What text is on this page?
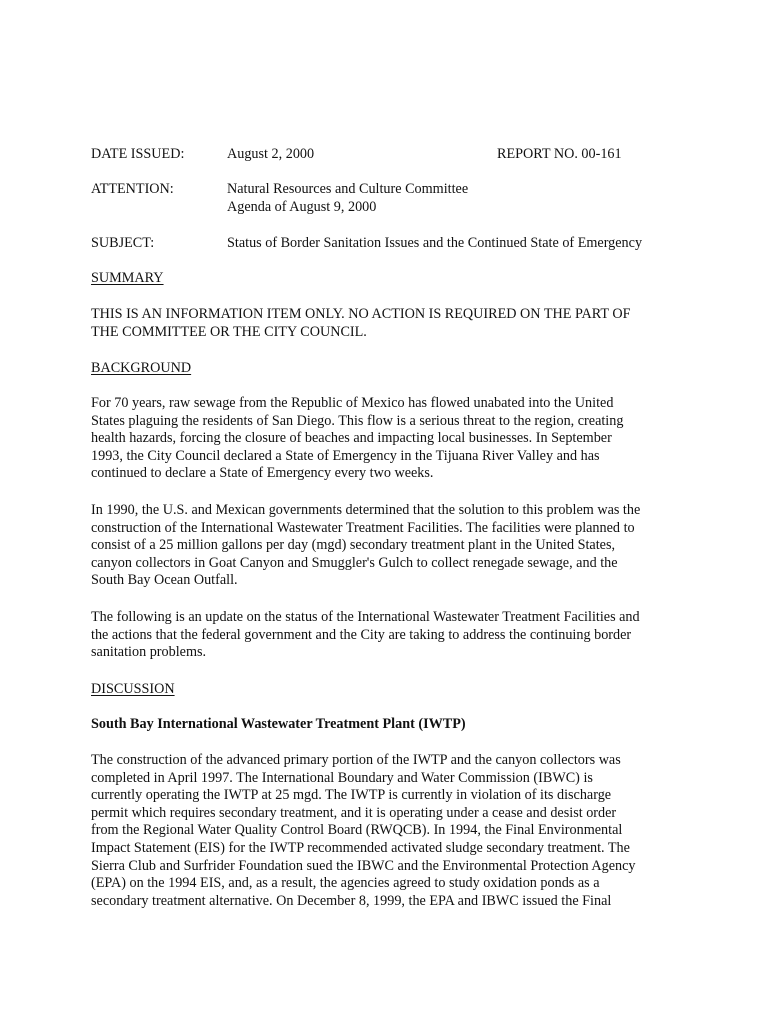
DATE ISSUED:	August 2, 2000	REPORT NO. 00-161
ATTENTION:	Natural Resources and Culture Committee
Agenda of August 9, 2000
SUBJECT:	Status of Border Sanitation Issues and the Continued State of Emergency
SUMMARY
THIS IS AN INFORMATION ITEM ONLY. NO ACTION IS REQUIRED ON THE PART OF
THE COMMITTEE OR THE CITY COUNCIL.
BACKGROUND
For 70 years, raw sewage from the Republic of Mexico has flowed unabated into the United
States plaguing the residents of San Diego. This flow is a serious threat to the region, creating
health hazards, forcing the closure of beaches and impacting local businesses. In September
1993, the City Council declared a State of Emergency in the Tijuana River Valley and has
continued to declare a State of Emergency every two weeks.
In 1990, the U.S. and Mexican governments determined that the solution to this problem was the
construction of the International Wastewater Treatment Facilities. The facilities were planned to
consist of a 25 million gallons per day (mgd) secondary treatment plant in the United States,
canyon collectors in Goat Canyon and Smuggler's Gulch to collect renegade sewage, and the
South Bay Ocean Outfall.
The following is an update on the status of the International Wastewater Treatment Facilities and
the actions that the federal government and the City are taking to address the continuing border
sanitation problems.
DISCUSSION
South Bay International Wastewater Treatment Plant (IWTP)
The construction of the advanced primary portion of the IWTP and the canyon collectors was
completed in April 1997. The International Boundary and Water Commission (IBWC) is
currently operating the IWTP at 25 mgd. The IWTP is currently in violation of its discharge
permit which requires secondary treatment, and it is operating under a cease and desist order
from the Regional Water Quality Control Board (RWQCB). In 1994, the Final Environmental
Impact Statement (EIS) for the IWTP recommended activated sludge secondary treatment. The
Sierra Club and Surfrider Foundation sued the IBWC and the Environmental Protection Agency
(EPA) on the 1994 EIS, and, as a result, the agencies agreed to study oxidation ponds as a
secondary treatment alternative. On December 8, 1999, the EPA and IBWC issued the Final
